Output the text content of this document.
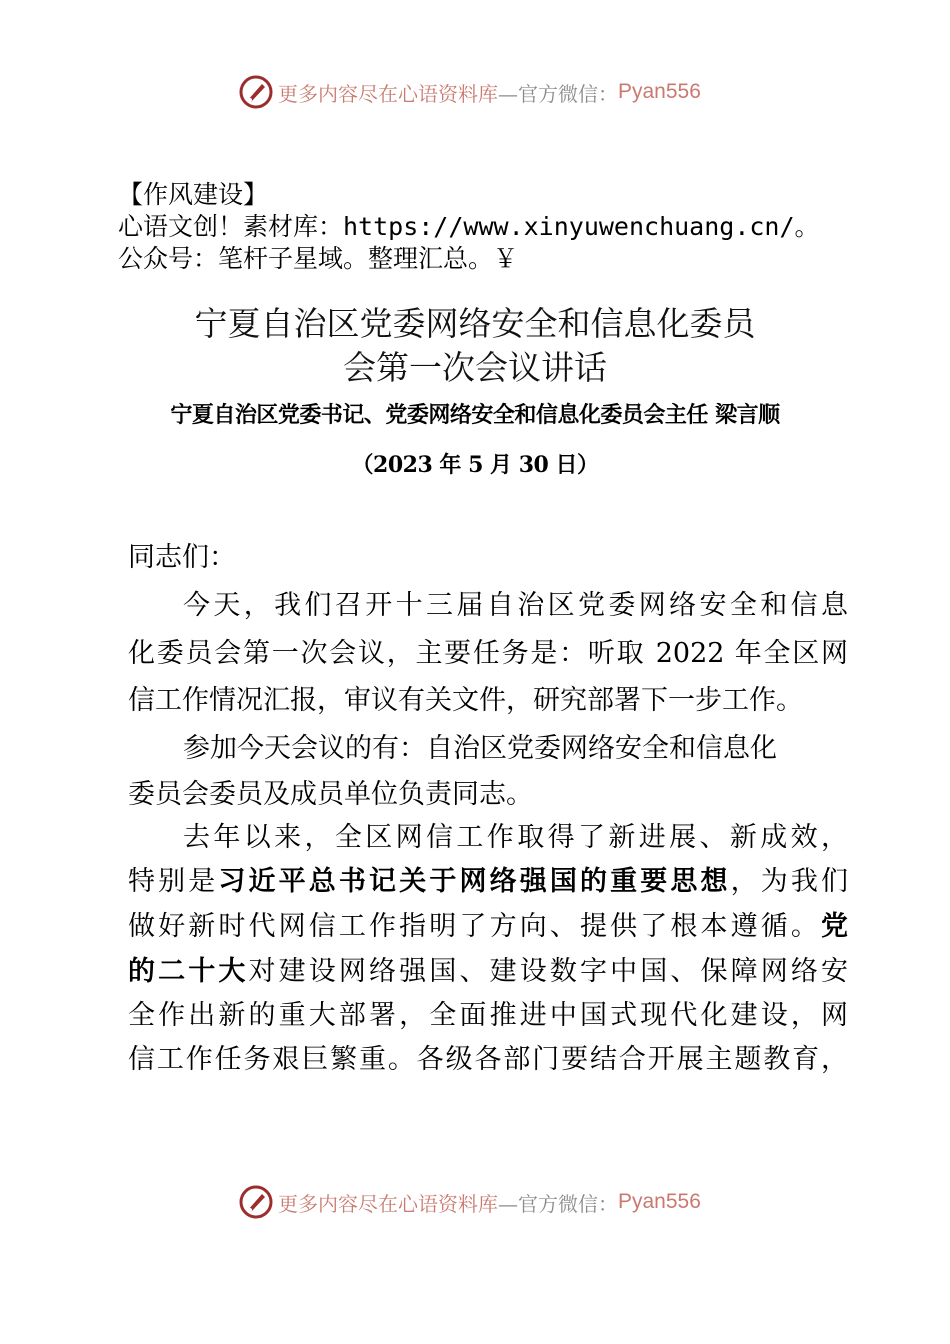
更多内容尽在心语资料库 —官方微信： Pyan556
【作风建设】
心语文创！素材库：https://www.xinyuwenchuang.cn/。
公众号：笔杆子星域。整理汇总。￥
宁夏自治区党委网络安全和信息化委员
会第一次会议讲话
宁夏自治区党委书记、党委网络安全和信息化委员会主任 梁言顺
（2023 年 5 月 30 日）
同志们：
今天，我们召开十三届自治区党委网络安全和信息
化委员会第一次会议，主要任务是：听取 2022 年全区网
信工作情况汇报，审议有关文件，研究部署下一步工作。
参加今天会议的有：自治区党委网络安全和信息化
委员会委员及成员单位负责同志。
去年以来，全区网信工作取得了新进展、新成效，
特别是习近平总书记关于网络强国的重要思想，为我们
做好新时代网信工作指明了方向、提供了根本遵循。党
的二十大对建设网络强国、建设数字中国、保障网络安
全作出新的重大部署，全面推进中国式现代化建设，网
信工作任务艰巨繁重。各级各部门要结合开展主题教育，
更多内容尽在心语资料库 —官方微信： Pyan556
